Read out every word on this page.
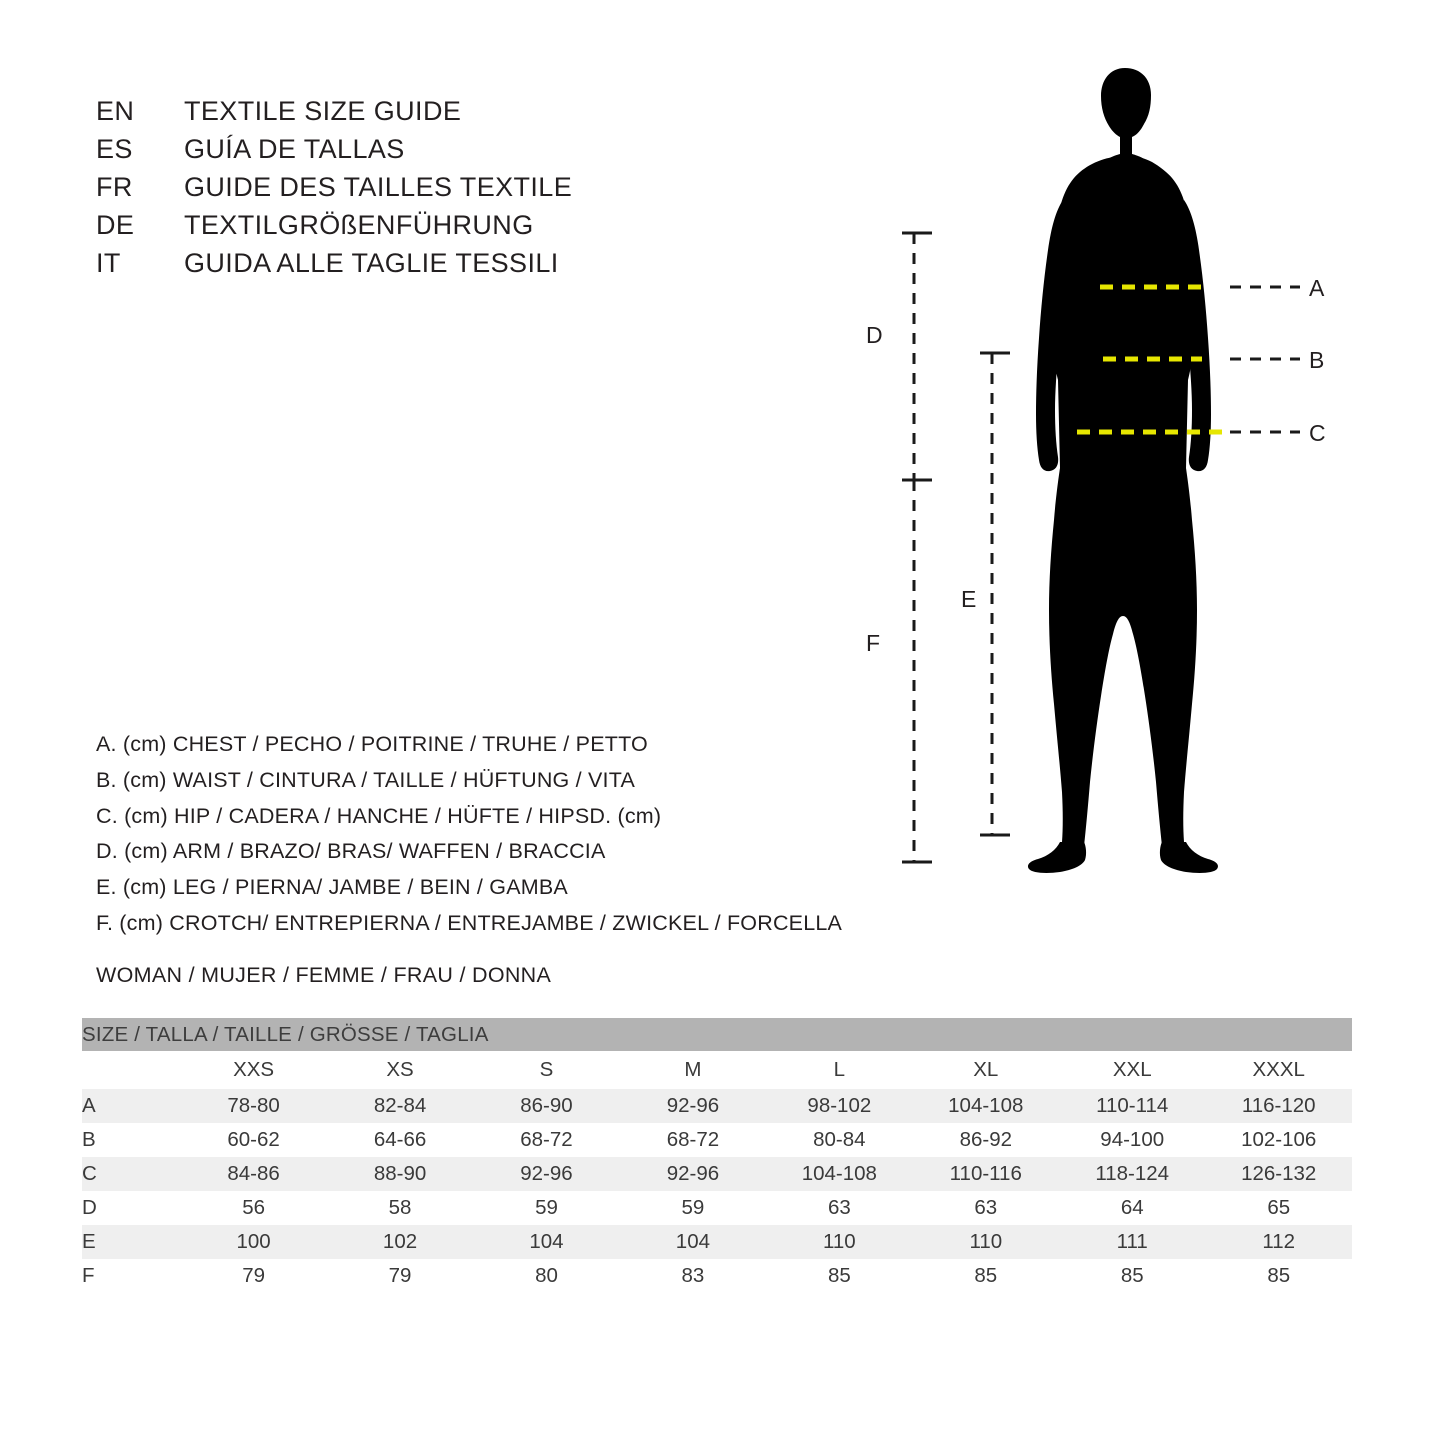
EN	TEXTILE SIZE GUIDE
ES	GUÍA DE TALLAS
FR	GUIDE DES TAILLES TEXTILE
DE	TEXTILGRÖßENFÜHRUNG
IT	GUIDA ALLE TAGLIE TESSILI
A
B
C
D
E
F
A. (cm) CHEST / PECHO / POITRINE / TRUHE / PETTO
B. (cm) WAIST / CINTURA / TAILLE / HÜFTUNG / VITA
C. (cm) HIP / CADERA / HANCHE / HÜFTE / HIPSD. (cm)
D. (cm) ARM / BRAZO/ BRAS/ WAFFEN / BRACCIA
E. (cm) LEG / PIERNA/ JAMBE / BEIN / GAMBA
F. (cm) CROTCH/ ENTREPIERNA / ENTREJAMBE / ZWICKEL / FORCELLA
WOMAN / MUJER / FEMME / FRAU / DONNA
SIZE / TALLA / TAILLE / GRÖSSE / TAGLIA								
	XXS	XS	S	M	L	XL	XXL	XXXL
A	78-80	82-84	86-90	92-96	98-102	104-108	110-114	116-120
B	60-62	64-66	68-72	68-72	80-84	86-92	94-100	102-106
C	84-86	88-90	92-96	92-96	104-108	110-116	118-124	126-132
D	56	58	59	59	63	63	64	65
E	100	102	104	104	110	110	111	112
F	79	79	80	83	85	85	85	85
